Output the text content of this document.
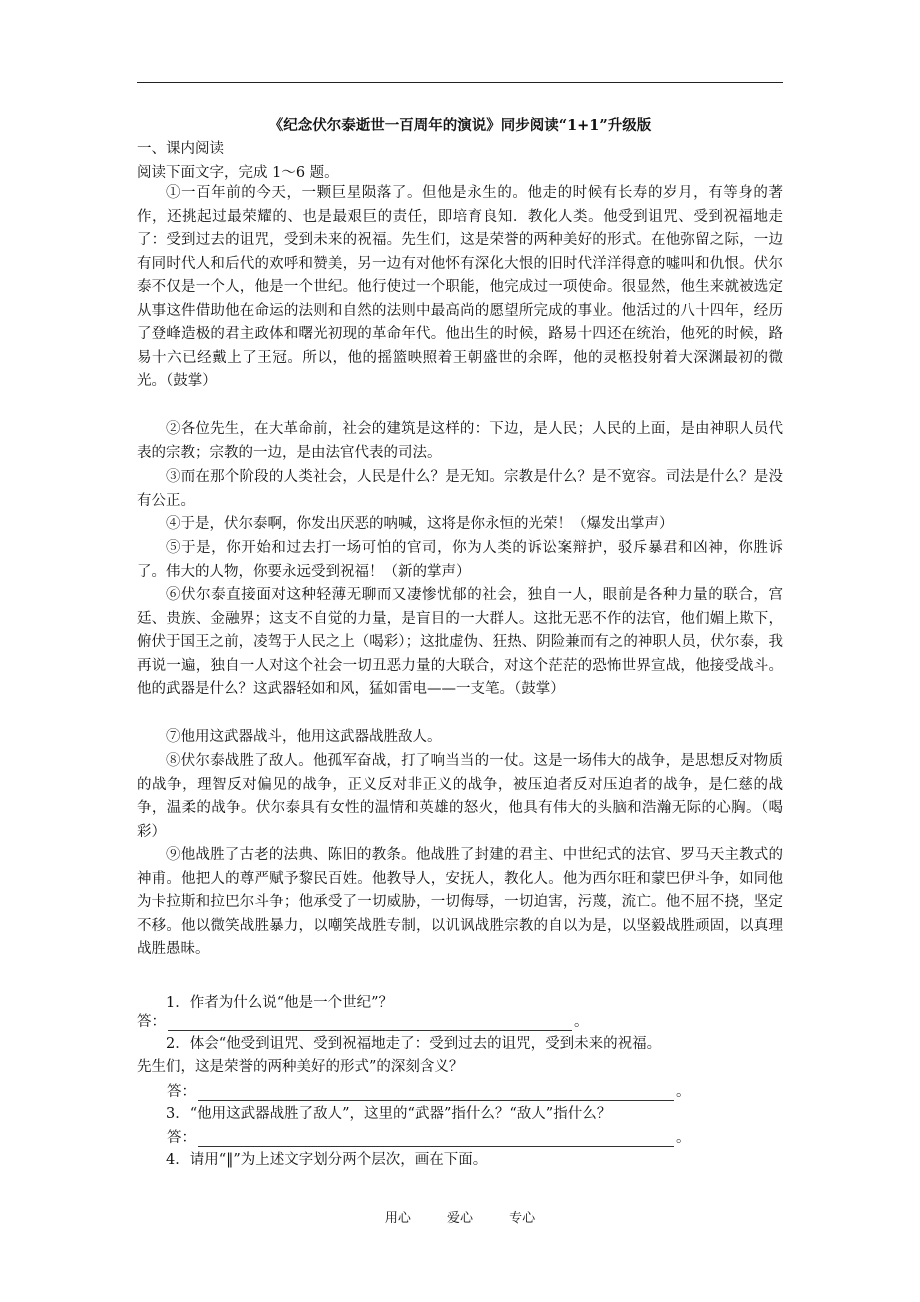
《纪念伏尔泰逝世一百周年的演说》同步阅读“1+1”升级版
一、课内阅读
阅读下面文字，完成 1～6 题。

①一百年前的今天，一颗巨星陨落了。但他是永生的。他走的时候有长寿的岁月，有等身的著作，还挑起过最荣耀的、也是最艰巨的责任，即培育良知．教化人类。他受到诅咒、受到祝福地走了：受到过去的诅咒，受到未来的祝福。先生们，这是荣誉的两种美好的形式。在他弥留之际，一边有同时代人和后代的欢呼和赞美，另一边有对他怀有深化大恨的旧时代洋洋得意的嘘叫和仇恨。伏尔泰不仅是一个人，他是一个世纪。他行使过一个职能，他完成过一项使命。很显然，他生来就被选定从事这件借助他在命运的法则和自然的法则中最高尚的愿望所完成的事业。他活过的八十四年，经历了登峰造极的君主政体和曙光初现的革命年代。他出生的时候，路易十四还在统治，他死的时候，路易十六已经戴上了王冠。所以，他的摇篮映照着王朝盛世的余晖，他的灵柩投射着大深渊最初的微光。（鼓掌）

②各位先生，在大革命前，社会的建筑是这样的：下边，是人民；人民的上面，是由神职人员代表的宗教；宗教的一边，是由法官代表的司法。

③而在那个阶段的人类社会，人民是什么？是无知。宗教是什么？是不宽容。司法是什么？是没有公正。

④于是，伏尔泰啊，你发出厌恶的呐喊，这将是你永恒的光荣！（爆发出掌声）

⑤于是，你开始和过去打一场可怕的官司，你为人类的诉讼案辩护，驳斥暴君和凶神，你胜诉了。伟大的人物，你要永远受到祝福！（新的掌声）

⑥伏尔泰直接面对这种轻薄无聊而又凄惨忧郁的社会，独自一人，眼前是各种力量的联合，宫廷、贵族、金融界；这支不自觉的力量，是盲目的一大群人。这批无恶不作的法官，他们媚上欺下，俯伏于国王之前，凌驾于人民之上（喝彩）；这批虚伪、狂热、阴险兼而有之的神职人员，伏尔泰，我再说一遍，独自一人对这个社会一切丑恶力量的大联合，对这个茫茫的恐怖世界宣战，他接受战斗。他的武器是什么？这武器轻如和风，猛如雷电——一支笔。（鼓掌）

⑦他用这武器战斗，他用这武器战胜敌人。

⑧伏尔泰战胜了敌人。他孤军奋战，打了响当当的一仗。这是一场伟大的战争，是思想反对物质的战争，理智反对偏见的战争，正义反对非正义的战争，被压迫者反对压迫者的战争，是仁慈的战争，温柔的战争。伏尔泰具有女性的温情和英雄的怒火，他具有伟大的头脑和浩瀚无际的心胸。（喝彩）

⑨他战胜了古老的法典、陈旧的教条。他战胜了封建的君主、中世纪式的法官、罗马天主教式的神甫。他把人的尊严赋予黎民百姓。他教导人，安抚人，教化人。他为西尔旺和蒙巴伊斗争，如同他为卡拉斯和拉巴尔斗争；他承受了一切威胁，一切侮辱，一切迫害，污蔑，流亡。他不屈不挠，坚定不移。他以微笑战胜暴力，以嘲笑战胜专制，以讥讽战胜宗教的自以为是，以坚毅战胜顽固，以真理战胜愚昧。

1．作者为什么说“他是一个世纪”？

答：	。

2．体会“他受到诅咒、受到祝福地走了：受到过去的诅咒，受到未来的祝福。

先生们，这是荣誉的两种美好的形式”的深刻含义？

答：	。

3．“他用这武器战胜了敌人”，这里的“武器”指什么？“敌人”指什么？

答：	。

4．请用“‖”为上述文字划分两个层次，画在下面。

用心	爱心	专心
